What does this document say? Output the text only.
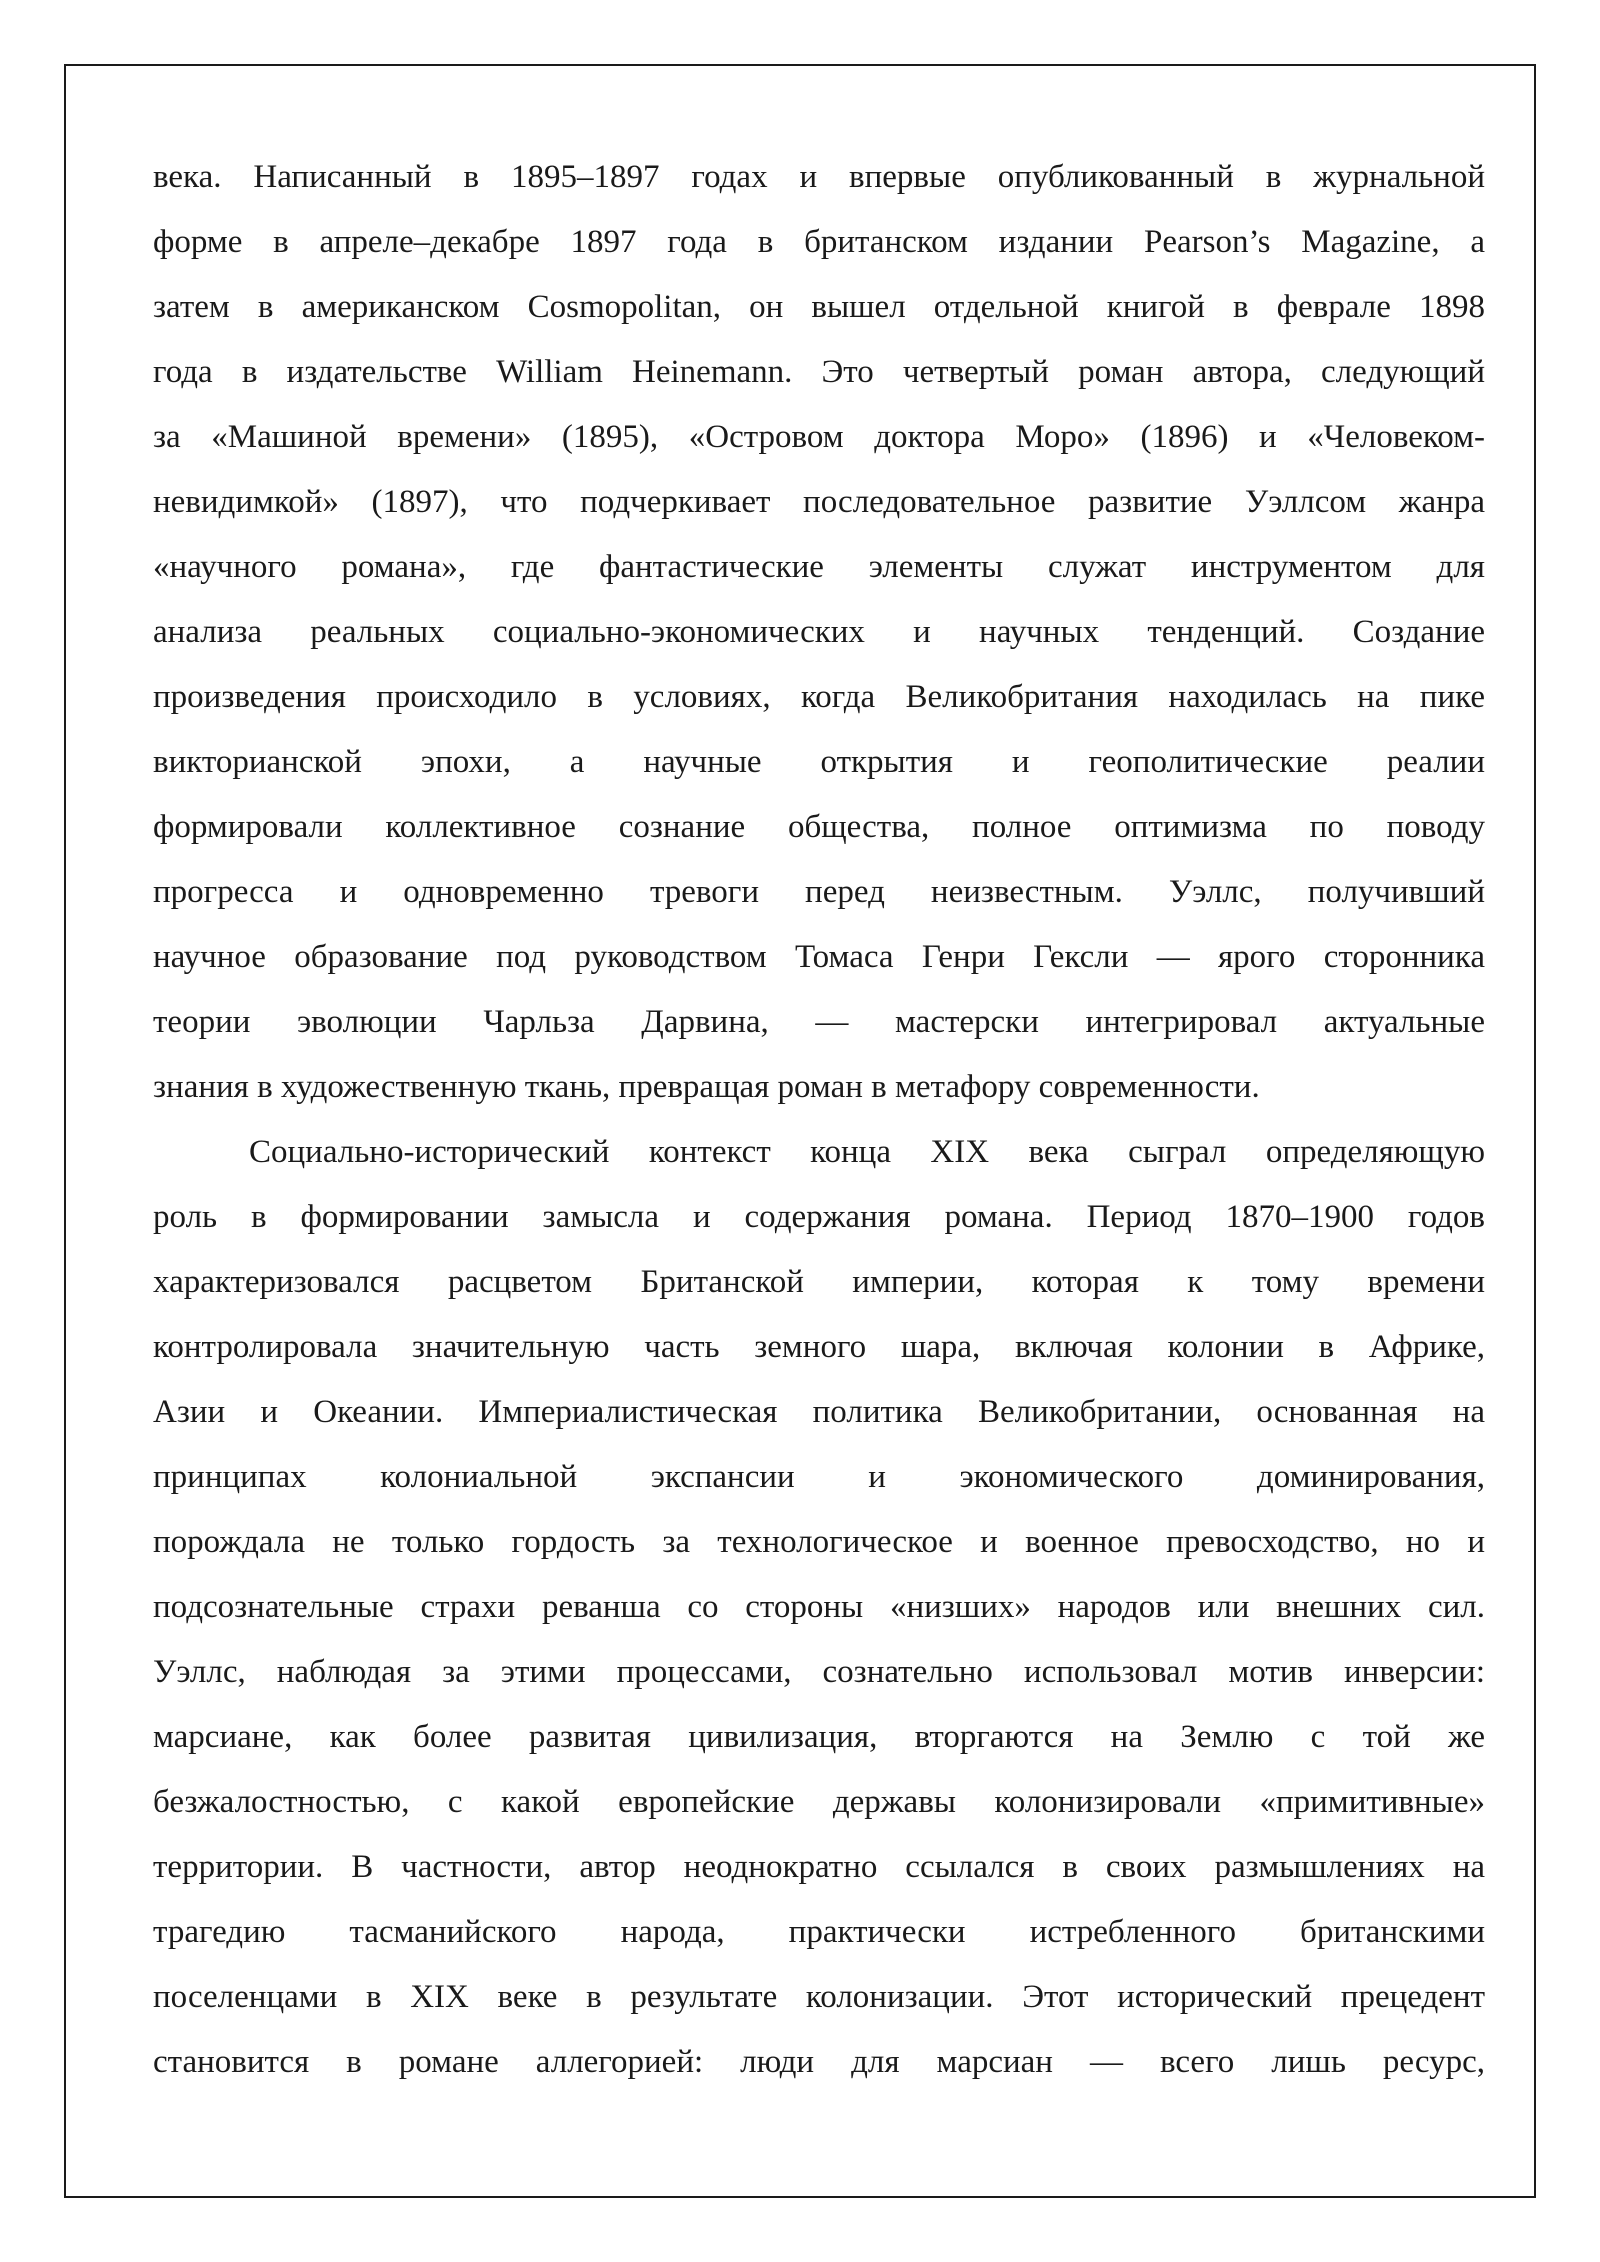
века. Написанный в 1895–1897 годах и впервые опубликованный в журнальной
форме в апреле–декабре 1897 года в британском издании Pearson’s Magazine, а
затем в американском Cosmopolitan, он вышел отдельной книгой в феврале 1898
года в издательстве William Heinemann. Это четвертый роман автора, следующий
за «Машиной времени» (1895), «Островом доктора Моро» (1896) и «Человеком-
невидимкой» (1897), что подчеркивает последовательное развитие Уэллсом жанра
«научного романа», где фантастические элементы служат инструментом для
анализа реальных социально-экономических и научных тенденций. Создание
произведения происходило в условиях, когда Великобритания находилась на пике
викторианской эпохи, а научные открытия и геополитические реалии
формировали коллективное сознание общества, полное оптимизма по поводу
прогресса и одновременно тревоги перед неизвестным. Уэллс, получивший
научное образование под руководством Томаса Генри Гексли — ярого сторонника
теории эволюции Чарльза Дарвина, — мастерски интегрировал актуальные
знания в художественную ткань, превращая роман в метафору современности.
Социально-исторический контекст конца XIX века сыграл определяющую
роль в формировании замысла и содержания романа. Период 1870–1900 годов
характеризовался расцветом Британской империи, которая к тому времени
контролировала значительную часть земного шара, включая колонии в Африке,
Азии и Океании. Империалистическая политика Великобритании, основанная на
принципах колониальной экспансии и экономического доминирования,
порождала не только гордость за технологическое и военное превосходство, но и
подсознательные страхи реванша со стороны «низших» народов или внешних сил.
Уэллс, наблюдая за этими процессами, сознательно использовал мотив инверсии:
марсиане, как более развитая цивилизация, вторгаются на Землю с той же
безжалостностью, с какой европейские державы колонизировали «примитивные»
территории. В частности, автор неоднократно ссылался в своих размышлениях на
трагедию тасманийского народа, практически истребленного британскими
поселенцами в XIX веке в результате колонизации. Этот исторический прецедент
становится в романе аллегорией: люди для марсиан — всего лишь ресурс,
